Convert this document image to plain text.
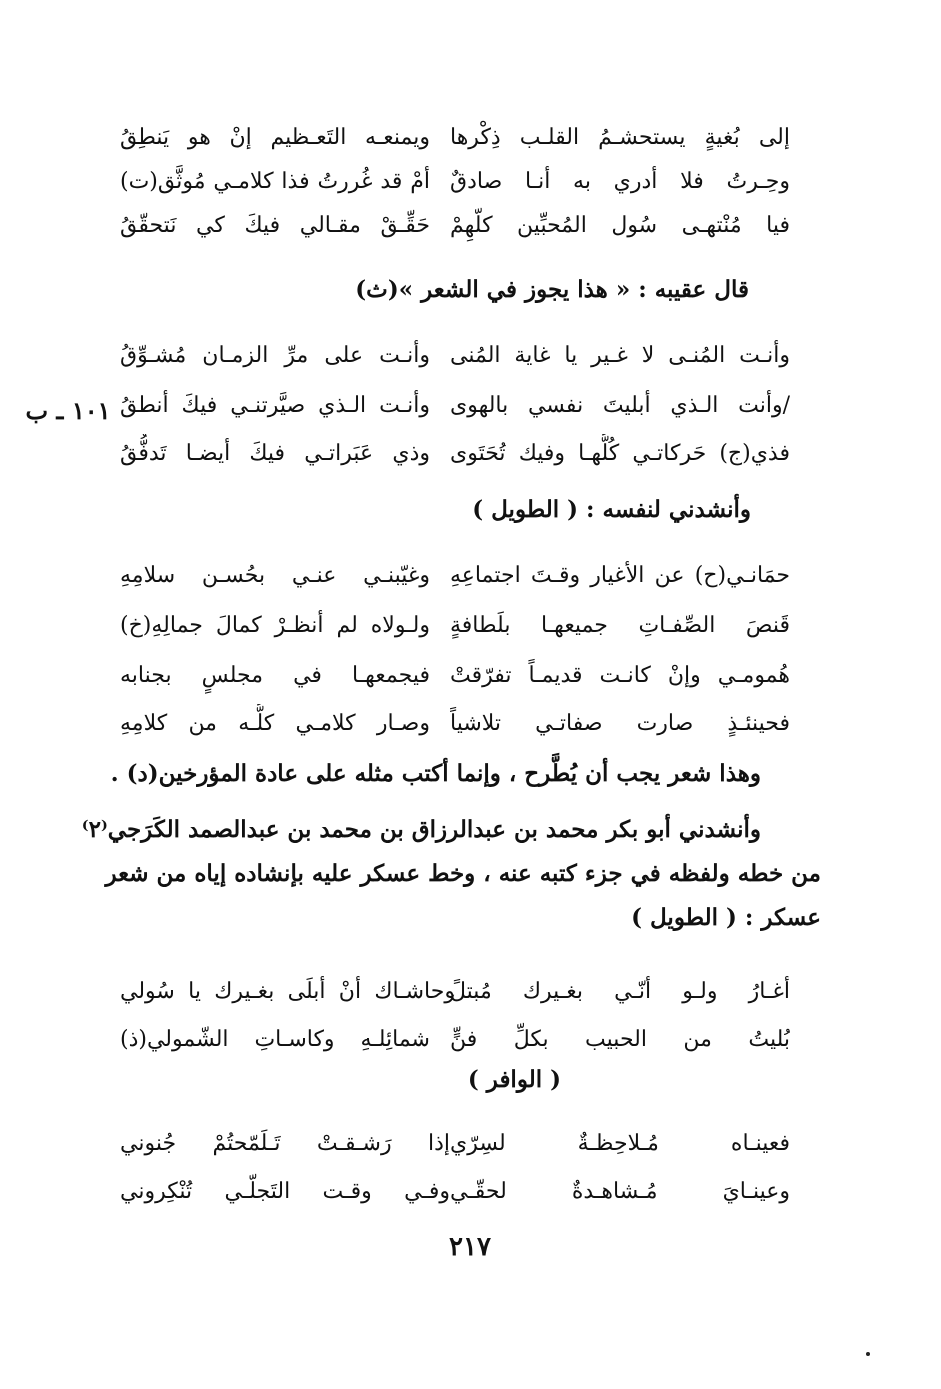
إلى بُغيةٍ يستحشـمُ القلـب ذِكْرها
ويمنعـه التَعـظيم إنْ هو يَنطِقُ
وحِـرتُ فلا أدري به أنـا صادقٌ
أمْ قد غُررتُ فذا كلامـي مُوثَّق(ت)
فيا مُنْتهـى سُول المُحبِّين كلّهِمْ
حَقِّـقْ مقـالي فيكَ كي نَتحقّقُ
قال عقيبه : « هذا يجوز في الشعر »(ث)
وأنـت المُنـى لا غـير يا غاية المُنى
وأنـت على مرِّ الزمـان مُشـوِّقُ
/وأنت الـذي أبليتَ نفسي بالهوى
وأنـت الـذي صيَّرتنـي فيكَ أنطقُ
فذي(ج) حَركاتـي كُلُّهـا وفيك تُحَتَوى
وذي عَبَراتـي فيكَ أيضـا تَدفُّقُ
١٠١ ـ ب
وأنشدني لنفسه : ( الطويل )
حمَانـي(ح) عن الأغيار وقـتَ اجتماعِهِ
وغيّبنـي عنـي بحُسـن سلامِهِ
قَنصَ الصِّفـاتِ جميعهـا بلَطافةٍ
ولـولاه لم أنظـرْ كمالَ جمالِهِ(خ)
هُمومـي وإنْ كانـت قديمـاً تفرّقتْ
فيجمعهـا في مجلسٍ بجنابه
فحينئـذٍ صارت صفاتـي تلاشياً
وصـار كلامـي كلُّـه من كلامِهِ
وهذا شعر يجب أن يُطَّرح ، وإنما أكتب مثله على عادة المؤرخين(د) .
وأنشدني أبو بكر محمد بن عبدالرزاق بن محمد بن عبدالصمد الكَرَجي⁽٢⁾
من خطه ولفظه في جزء كتبه عنه ، وخط عسكر عليه بإنشاده إياه من شعر
عسكر : ( الطويل )
أغـارُ ولـو أنّـي بغـيرك مُبتلً
وحاشـاك أنْ أبلَى بغـيرك يا سُولي
بُليتُ من الحبيب بكلِّ فنٍّ
شمائِلـهِ وكاسـاتِ الشّمولي(ذ)
( الوافر )
فعينـاه مُـلاحِظـةٌ لسِرّي
إذا رَشـقـتْ تَـلَمّحتُمْ جُنوني
وعينـايَ مُـشاهـدةٌ لحقّـي
وفـي وقـت التَجلّـي تُنْكِروني
٢١٧
